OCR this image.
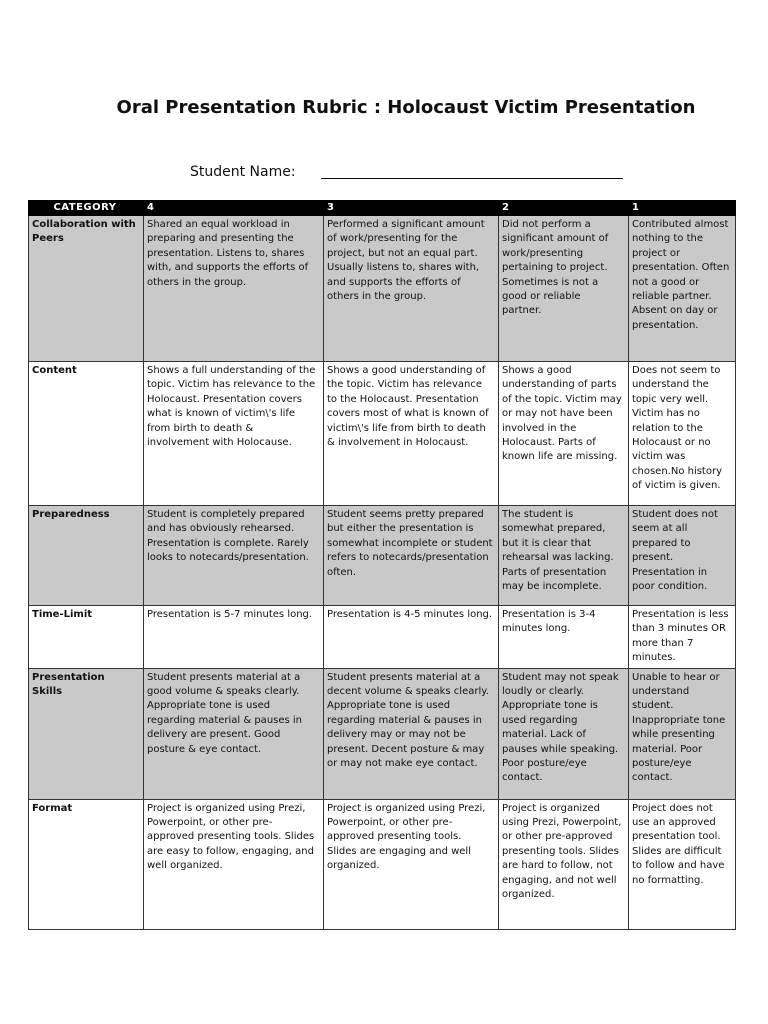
Oral Presentation Rubric : Holocaust Victim Presentation
Student Name:
CATEGORY	4	3	2	1
Collaboration with Peers	Shared an equal workload in preparing and presenting the presentation. Listens to, shares with, and supports the efforts of others in the group.	Performed a significant amount of work/presenting for the project, but not an equal part. Usually listens to, shares with, and supports the efforts of others in the group.	Did not perform a significant amount of work/presenting pertaining to project. Sometimes is not a good or reliable partner.	Contributed almost nothing to the project or presentation. Often not a good or reliable partner. Absent on day or presentation.
Content	Shows a full understanding of the topic. Victim has relevance to the Holocaust. Presentation covers what is known of victim\'s life from birth to death & involvement with Holocause.	Shows a good understanding of the topic. Victim has relevance to the Holocaust. Presentation covers most of what is known of victim\'s life from birth to death & involvement in Holocaust.	Shows a good understanding of parts of the topic. Victim may or may not have been involved in the Holocaust. Parts of known life are missing.	Does not seem to understand the topic very well. Victim has no relation to the Holocaust or no victim was chosen.No history of victim is given.
Preparedness	Student is completely prepared and has obviously rehearsed. Presentation is complete. Rarely looks to notecards/presentation.	Student seems pretty prepared but either the presentation is somewhat incomplete or student refers to notecards/presentation often.	The student is somewhat prepared, but it is clear that rehearsal was lacking. Parts of presentation may be incomplete.	Student does not seem at all prepared to present. Presentation in poor condition.
Time-Limit	Presentation is 5-7 minutes long.	Presentation is 4-5 minutes long.	Presentation is 3-4 minutes long.	Presentation is less than 3 minutes OR more than 7 minutes.
Presentation Skills	Student presents material at a good volume & speaks clearly. Appropriate tone is used regarding material & pauses in delivery are present. Good posture & eye contact.	Student presents material at a decent volume & speaks clearly. Appropriate tone is used regarding material & pauses in delivery may or may not be present. Decent posture & may or may not make eye contact.	Student may not speak loudly or clearly. Appropriate tone is used regarding material. Lack of pauses while speaking. Poor posture/eye contact.	Unable to hear or understand student. Inappropriate tone while presenting material. Poor posture/eye contact.
Format	Project is organized using Prezi, Powerpoint, or other pre-approved presenting tools. Slides are easy to follow, engaging, and well organized.	Project is organized using Prezi, Powerpoint, or other pre-approved presenting tools. Slides are engaging and well organized.	Project is organized using Prezi, Powerpoint, or other pre-approved presenting tools. Slides are hard to follow, not engaging, and not well organized.	Project does not use an approved presentation tool. Slides are difficult to follow and have no formatting.
